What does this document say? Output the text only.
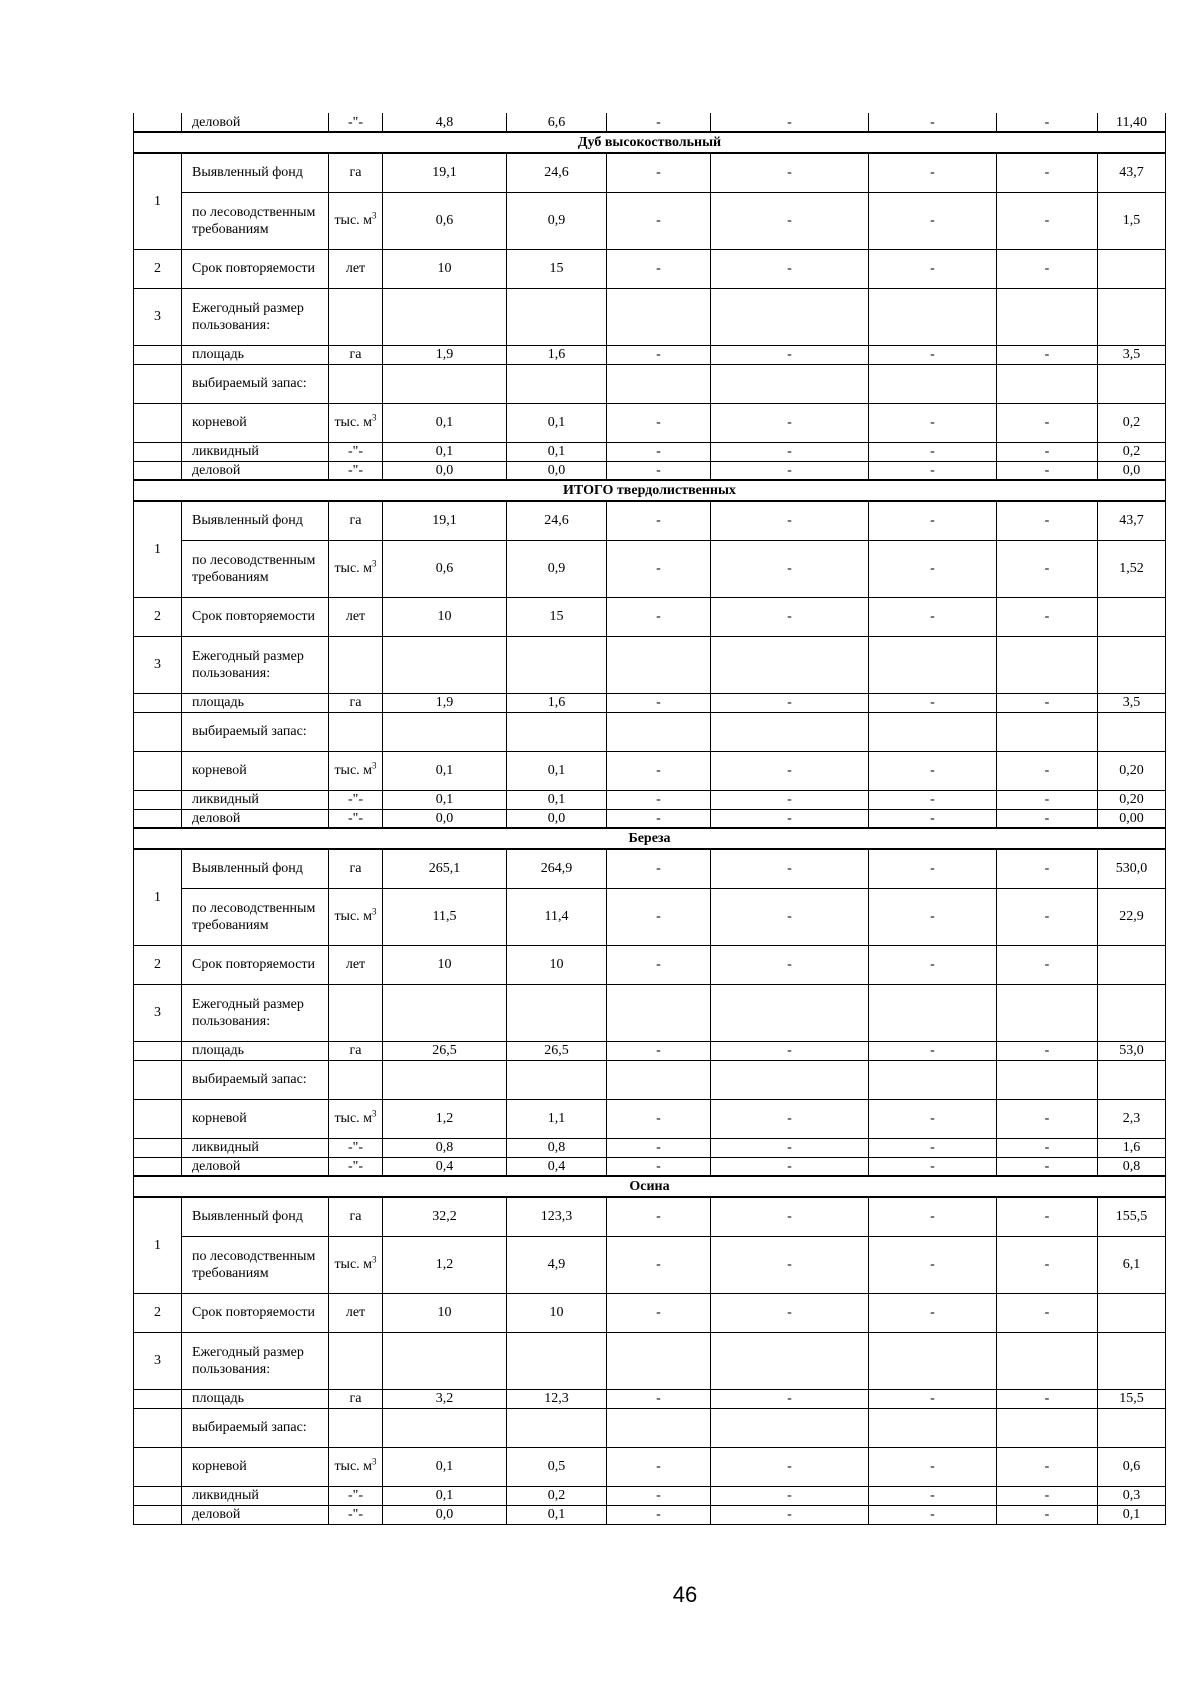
	деловой	-"-	4,8	6,6	-	-	-	-	11,40
Дуб высокоствольный									
1	Выявленный фонд	га	19,1	24,6	-	-	-	-	43,7
	по лесоводственным требованиям	тыс. $м^3$	0,6	0,9	-	-	-	-	1,5
2	Срок повторяемости	лет	10	15	-	-	-	-	
3	Ежегодный размер пользования:								
	площадь	га	1,9	1,6	-	-	-	-	3,5
	выбираемый запас:								
	корневой	тыс. $м^3$	0,1	0,1	-	-	-	-	0,2
	ликвидный	-"-	0,1	0,1	-	-	-	-	0,2
	деловой	-"-	0,0	0,0	-	-	-	-	0,0
ИТОГО твердолиственных									
1	Выявленный фонд	га	19,1	24,6	-	-	-	-	43,7
	по лесоводственным требованиям	тыс. $м^3$	0,6	0,9	-	-	-	-	1,52
2	Срок повторяемости	лет	10	15	-	-	-	-	
3	Ежегодный размер пользования:								
	площадь	га	1,9	1,6	-	-	-	-	3,5
	выбираемый запас:								
	корневой	тыс. $м^3$	0,1	0,1	-	-	-	-	0,20
	ликвидный	-"-	0,1	0,1	-	-	-	-	0,20
	деловой	-"-	0,0	0,0	-	-	-	-	0,00
Береза									
1	Выявленный фонд	га	265,1	264,9	-	-	-	-	530,0
	по лесоводственным требованиям	тыс. $м^3$	11,5	11,4	-	-	-	-	22,9
2	Срок повторяемости	лет	10	10	-	-	-	-	
3	Ежегодный размер пользования:								
	площадь	га	26,5	26,5	-	-	-	-	53,0
	выбираемый запас:								
	корневой	тыс. $м^3$	1,2	1,1	-	-	-	-	2,3
	ликвидный	-"-	0,8	0,8	-	-	-	-	1,6
	деловой	-"-	0,4	0,4	-	-	-	-	0,8
Осина									
1	Выявленный фонд	га	32,2	123,3	-	-	-	-	155,5
	по лесоводственным требованиям	тыс. $м^3$	1,2	4,9	-	-	-	-	6,1
2	Срок повторяемости	лет	10	10	-	-	-	-	
3	Ежегодный размер пользования:								
	площадь	га	3,2	12,3	-	-	-	-	15,5
	выбираемый запас:								
	корневой	тыс. $м^3$	0,1	0,5	-	-	-	-	0,6
	ликвидный	-"-	0,1	0,2	-	-	-	-	0,3
	деловой	-"-	0,0	0,1	-	-	-	-	0,1
46
